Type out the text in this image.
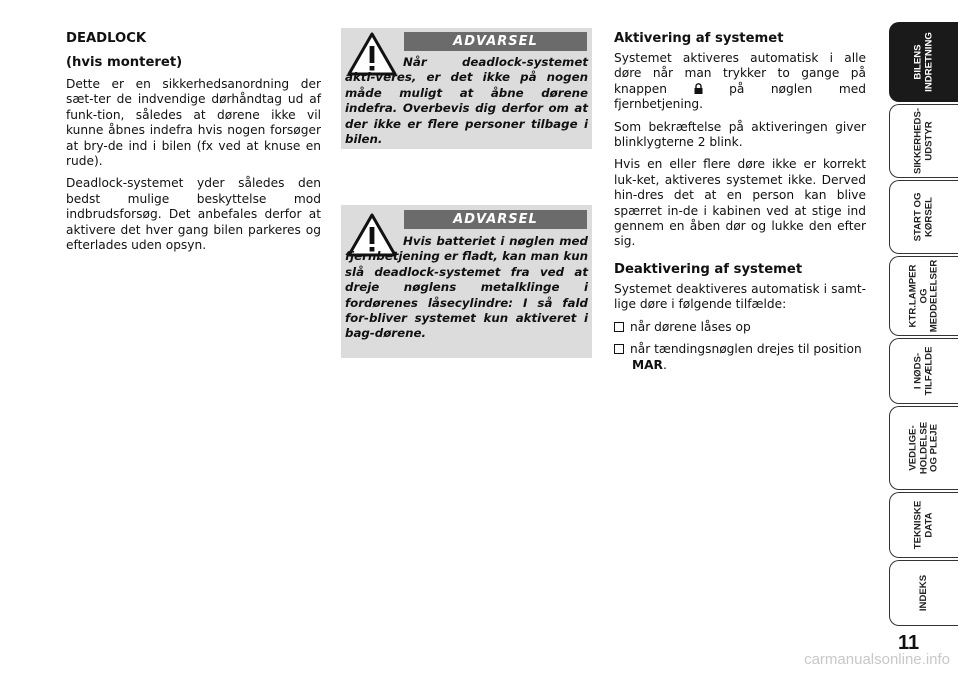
DEADLOCK

(hvis monteret)

Dette er en sikkerhedsanordning der sæt-ter de indvendige dørhåndtag ud af funk-tion, således at dørene ikke vil kunne åbnes indefra hvis nogen forsøger at bry-de ind i bilen (fx ved at knuse en rude).

Deadlock-systemet yder således den bedst mulige beskyttelse mod indbrudsforsøg. Det anbefales derfor at aktivere det hver gang bilen parkeres og efterlades uden opsyn.

ADVARSEL
Når deadlock-systemet akti-veres, er det ikke på nogen måde muligt at åbne dørene indefra. Overbevis dig derfor om at der ikke er flere personer tilbage i bilen.
ADVARSEL
Hvis batteriet i nøglen med fjernbetjening er fladt, kan man kun slå deadlock-systemet fra ved at dreje nøglens metalklinge i fordørenes låsecylindre: I så fald for-bliver systemet kun aktiveret i bag-dørene.

Aktivering af systemet

Systemet aktiveres automatisk i alle døre når man trykker to gange på knappen	på nøglen med fjernbetjening.

Som bekræftelse på aktiveringen giver blinklygterne 2 blink.

Hvis en eller flere døre ikke er korrekt luk-ket, aktiveres systemet ikke. Derved hin-dres det at en person kan blive spærret in-de i kabinen ved at stige ind gennem en åben dør og lukke den efter sig.

Deaktivering af systemet

Systemet deaktiveres automatisk i samt-lige døre i følgende tilfælde:

når dørene låses op

når tændingsnøglen drejes til position
MAR.

BILENS
INDRETNING
SIKKERHEDS-
UDSTYR
START OG
KØRSEL
KTR.LAMPER
OG
MEDDELELSER
I NØDS-
TILFÆLDE
VEDLIGE-
HOLDELSE
OG PLEJE
TEKNISKE
DATA
INDEKS
11
carmanualsonline.info
